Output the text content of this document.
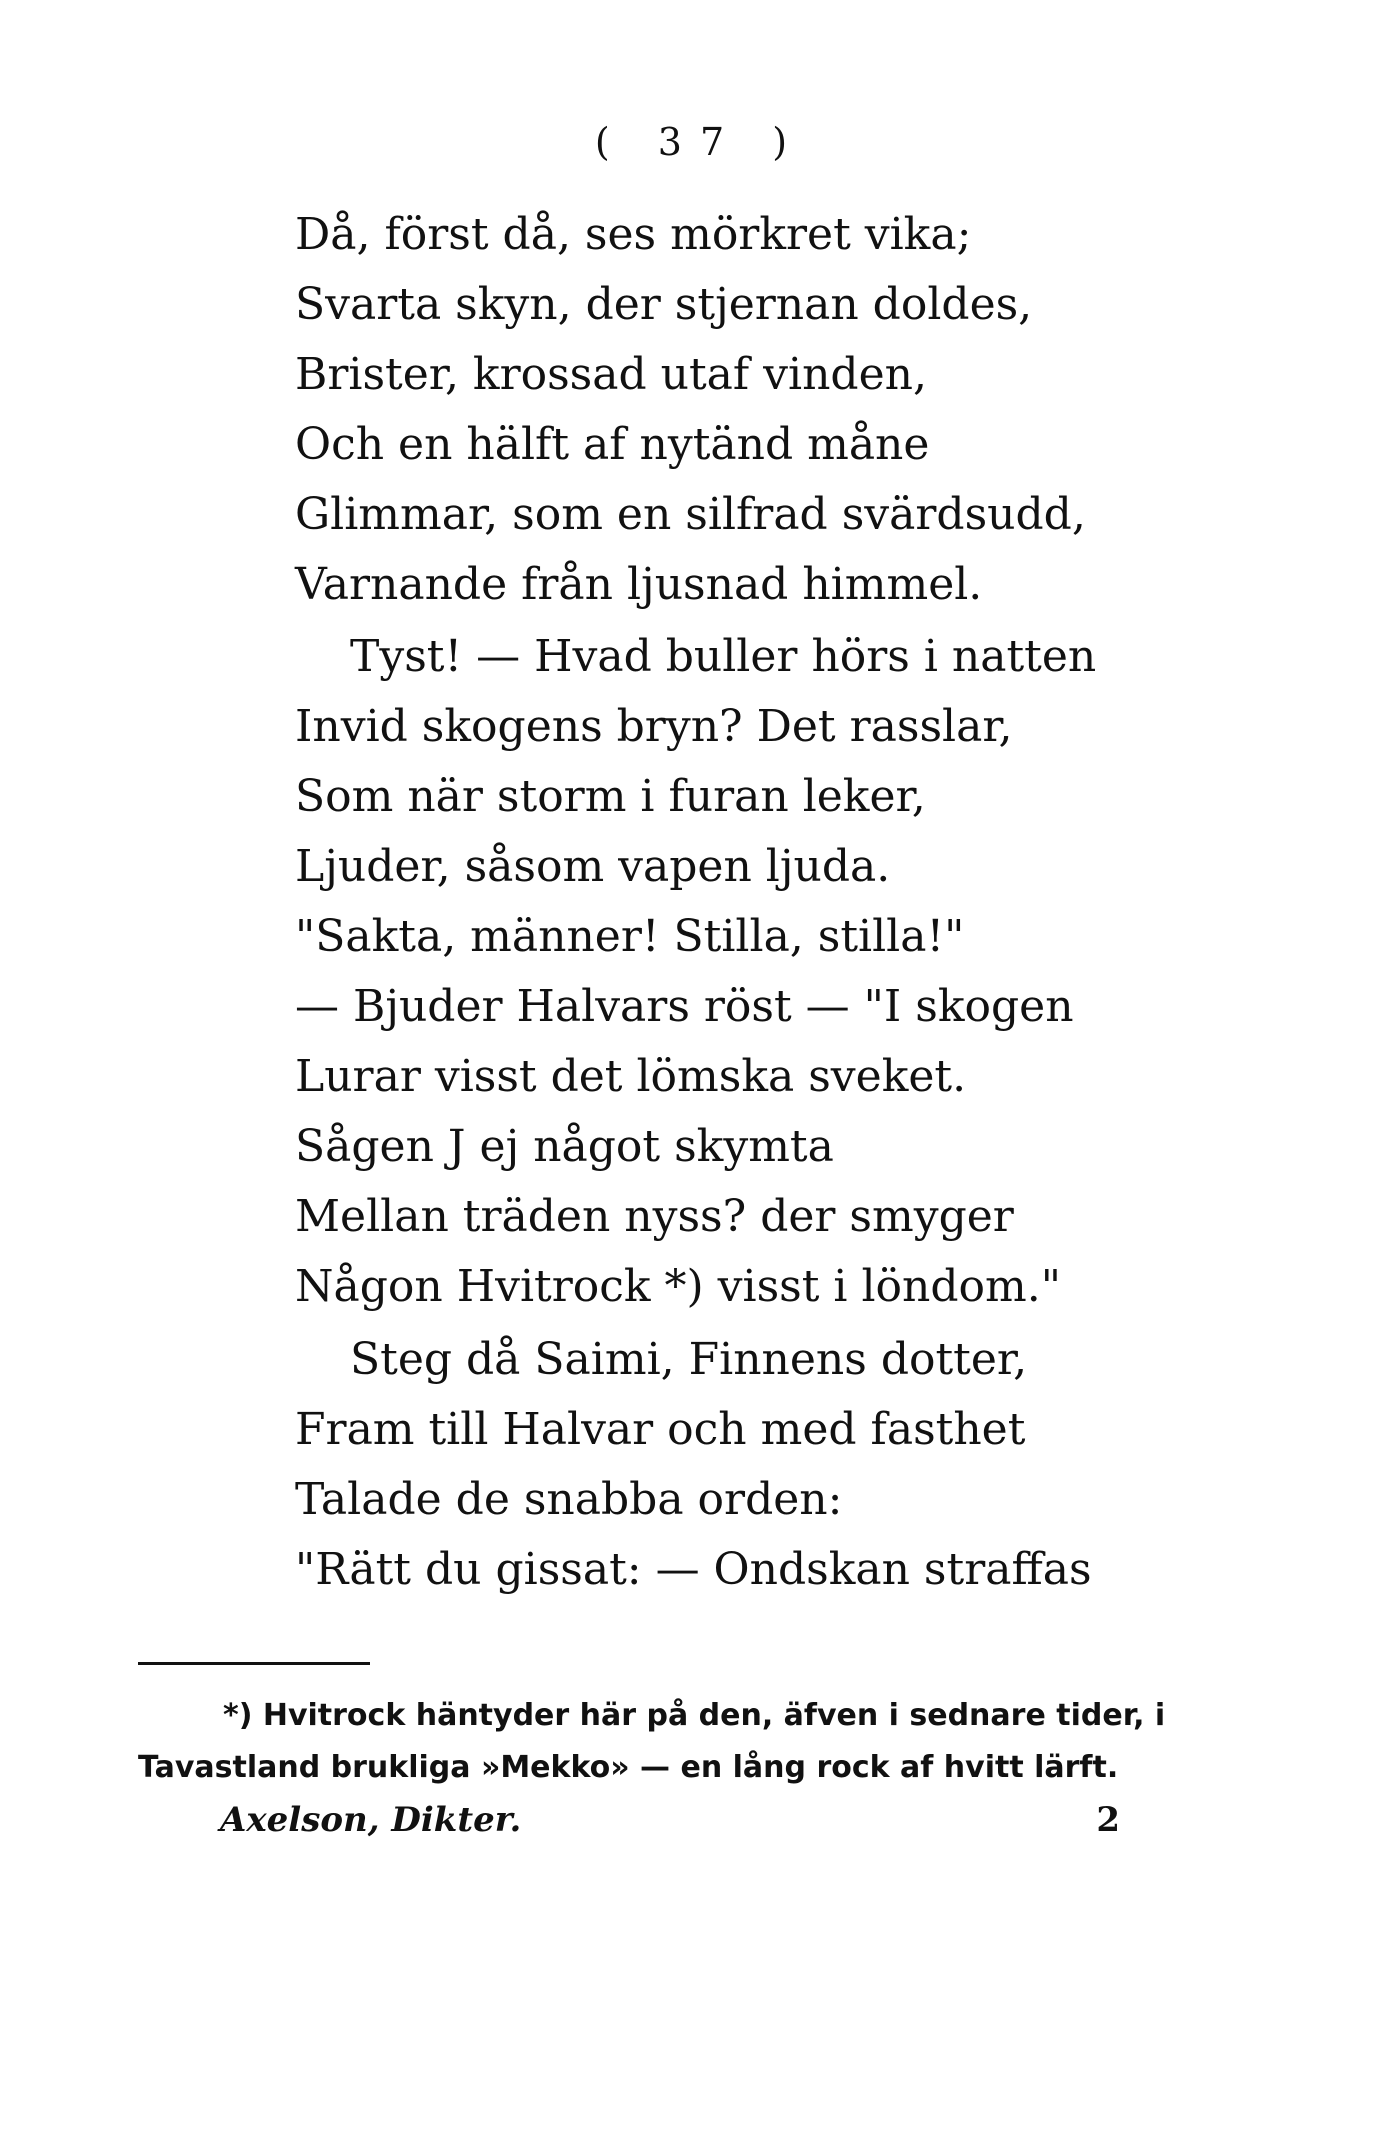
( 37 )
Då, först då, ses mörkret vika;
Svarta skyn, der stjernan doldes,
Brister, krossad utaf vinden,
Och en hälft af nytänd måne
Glimmar, som en silfrad svärdsudd,
Varnande från ljusnad himmel.
Tyst! — Hvad buller hörs i natten
Invid skogens bryn? Det rasslar,
Som när storm i furan leker,
Ljuder, såsom vapen ljuda.
"Sakta, männer! Stilla, stilla!"
— Bjuder Halvars röst — "I skogen
Lurar visst det lömska sveket.
Sågen J ej något skymta
Mellan träden nyss? der smyger
Någon Hvitrock *) visst i löndom."
Steg då Saimi, Finnens dotter,
Fram till Halvar och med fasthet
Talade de snabba orden:
"Rätt du gissat: — Ondskan straffas
*) Hvitrock häntyder här på den, äfven i sednare tider, i
Tavastland brukliga »Mekko» — en lång rock af hvitt lärft.
Axelson, Dikter.	2
